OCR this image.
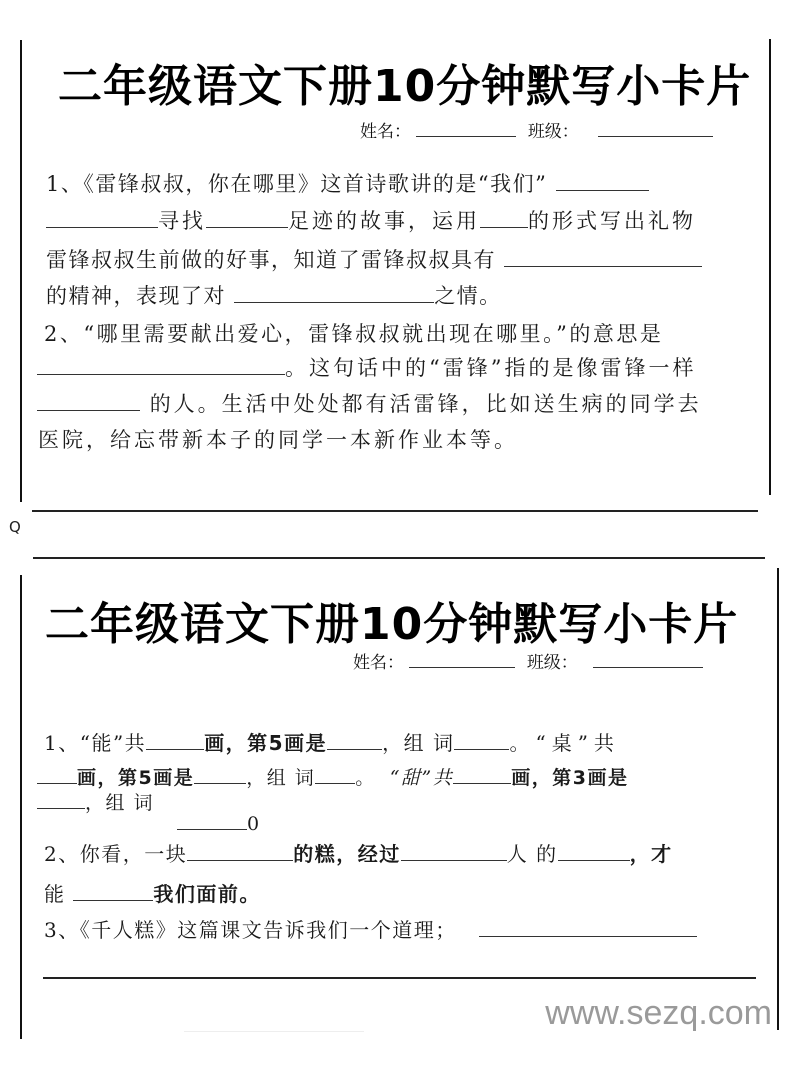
二年级语文下册10分钟默写小卡片
姓名：	班级：
1、《雷锋叔叔，你在哪里》这首诗歌讲的是“我们”
寻找	足迹的故事，运用 的形式写出礼物
雷锋叔叔生前做的好事，知道了雷锋叔叔具有
的精神，表现了对	之情。
2、“哪里需要献出爱心，雷锋叔叔就出现在哪里。”的意思是
。这句话中的“雷锋”指的是像雷锋一样
的人。生活中处处都有活雷锋，比如送生病的同学去
医院，给忘带新本子的同学一本新作业本等。
Q
二年级语文下册10分钟默写小卡片
姓名：	班级：
1、“能”共	画，第5画是	，组 词	。“桌”共
画，第5画是	，组 词 。 “甜”共	画，第3画是
，组 词
0
2、你看，一块	的糕，经过	人 的	，才
能	我们面前。
3、《千人糕》这篇课文告诉我们一个道理；
www.sezq.com
